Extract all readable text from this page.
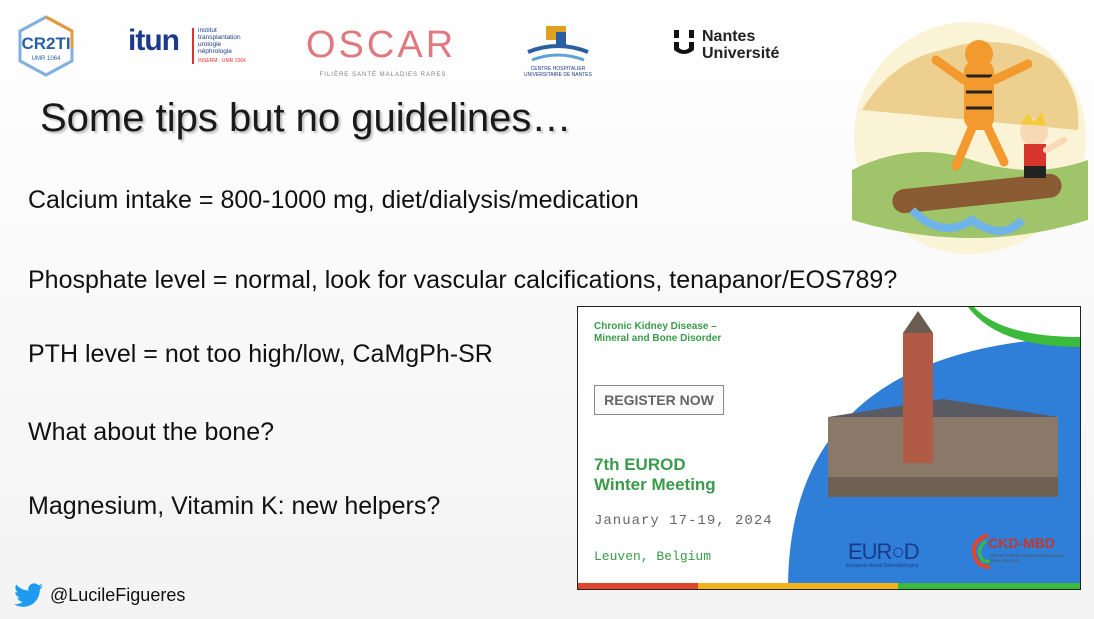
CR2TI
UMR 1064
itun	institut transplantation urologie néphrologie
INSERM · UMR 1064 OSCAR
FILIÈRE SANTÉ MALADIES RARES
CENTRE HOSPITALIER UNIVERSITAIRE DE NANTES
Nantes
Université
Some tips but no guidelines…
Calcium intake = 800-1000 mg, diet/dialysis/medication
Phosphate level = normal, look for vascular calcifications, tenapanor/EOS789?
PTH level = not too high/low, CaMgPh-SR
What about the bone?
Magnesium, Vitamin K: new helpers?
Chronic Kidney Disease –
Mineral and Bone Disorder
REGISTER NOW
7th EUROD
Winter Meeting
January 17-19, 2024
Leuven, Belgium	EUR○D
European Renal Osteodystrophy
CKD-MBD
Chronic Kidney Disease Mineral and Bone Disorder
@LucileFigueres
